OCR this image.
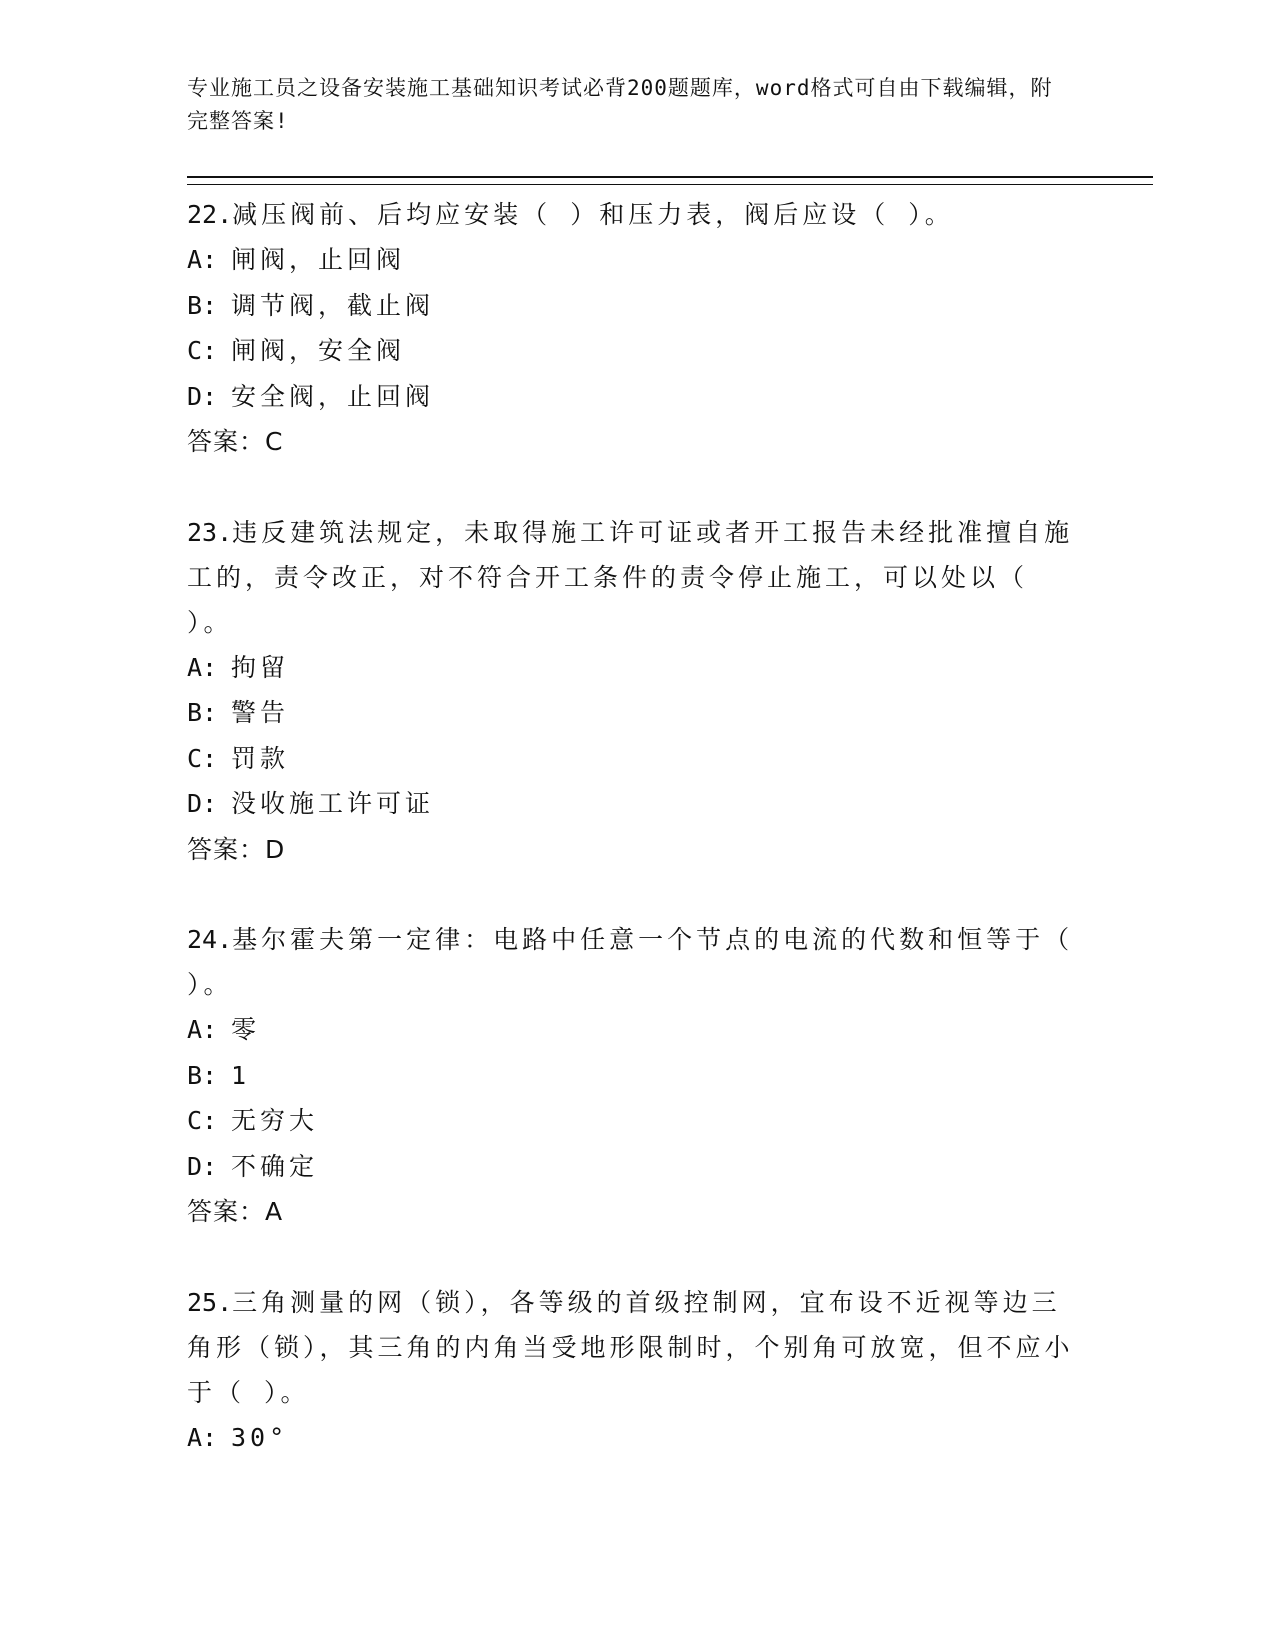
专业施工员之设备安装施工基础知识考试必背200题题库，word格式可自由下载编辑，附完整答案!
22.减压阀前、后均应安装（ ）和压力表，阀后应设（ ）。
A: 闸阀，止回阀
B: 调节阀，截止阀
C: 闸阀，安全阀
D: 安全阀，止回阀
答案：C
23.违反建筑法规定，未取得施工许可证或者开工报告未经批准擅自施工的，责令改正，对不符合开工条件的责令停止施工，可以处以（ ）。
A: 拘留
B: 警告
C: 罚款
D: 没收施工许可证
答案：D
24.基尔霍夫第一定律：电路中任意一个节点的电流的代数和恒等于（ ）。
A: 零
B: 1
C: 无穷大
D: 不确定
答案：A
25.三角测量的网（锁），各等级的首级控制网，宜布设不近视等边三角形（锁），其三角的内角当受地形限制时，个别角可放宽，但不应小于（ ）。
A: 30°
